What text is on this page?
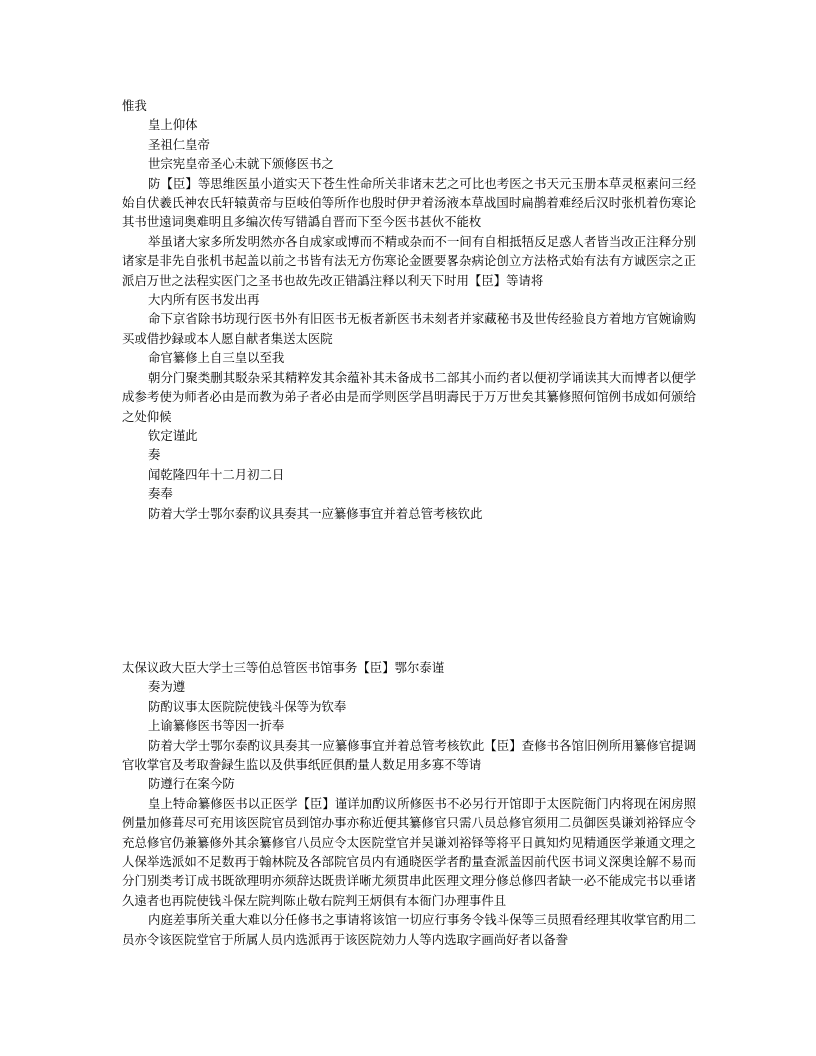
惟我

皇上仰体

圣祖仁皇帝

世宗宪皇帝圣心未就下颁修医书之

防【臣】等思维医虽小道实天下苍生性命所关非诸末艺之可比也考医之书天元玉册本草灵枢素问三经始自伏羲氏神农氏轩辕黄帝与臣岐伯等所作也殷时伊尹着汤液本草战国时扁鹊着难经后汉时张机着伤寒论其书世遠词奥难明且多编次传写错譌自晋而下至今医书甚伙不能枚

举虽诸大家多所发明然亦各自成家或博而不精或杂而不一间有自相抵牾反足惑人者皆当改正注释分别诸家是非先自张机书起盖以前之书皆有法无方伤寒论金匮要畧杂病论创立方法格式始有法有方诚医宗之正派启万世之法程实医门之圣书也故先改正错譌注释以利天下时用【臣】等请将

大内所有医书发出再

命下京省除书坊现行医书外有旧医书无板者新医书未刻者并家藏秘书及世传经验良方着地方官婉谕购买或借抄録或本人愿自献者集送太医院

命官纂修上自三皇以至我

朝分门聚类删其駁杂采其精粹发其余蕴补其未备成书二部其小而约者以便初学诵读其大而博者以便学成参考使为师者必由是而教为弟子者必由是而学则医学昌明壽民于万万世矣其纂修照何馆例书成如何颁给之处仰候

钦定谨此

奏

闻乾隆四年十二月初二日

奏奉

防着大学士鄂尔泰酌议具奏其一应纂修事宜并着总管考核钦此

太保议政大臣大学士三等伯总管医书馆事务【臣】鄂尔泰谨

奏为遵

防酌议事太医院院使钱斗保等为钦奉

上谕纂修医书等因一折奉

防着大学士鄂尔泰酌议具奏其一应纂修事宜并着总管考核钦此【臣】查修书各馆旧例所用纂修官提调官收掌官及考取誊録生监以及供事纸匠俱酌量人数足用多寡不等请

防遵行在案今防

皇上特命纂修医书以正医学【臣】谨详加酌议所修医书不必另行开馆即于太医院衙门内将现在闲房照例量加修葺尽可充用该医院官员到馆办事亦称近便其纂修官只需八员总修官须用二员御医吳谦刘裕铎应令充总修官仍兼纂修外其余纂修官八员应令太医院堂官并吴谦刘裕铎等将平日眞知灼见精通医学兼通文理之人保举选派如不足数再于翰林院及各部院官员内有通晓医学者酌量查派盖因前代医书词义深奥诠解不易而分门别类考订成书既欲理明亦须辞达既贵详晰尤须贯串此医理文理分修总修四者缺一必不能成完书以垂诸久遠者也再院使钱斗保左院判陈止敬右院判王炳俱有本衙门办理事件且

内庭差事所关重大难以分任修书之事请将该馆一切应行事务令钱斗保等三员照看经理其收掌官酌用二员亦令该医院堂官于所属人员内选派再于该医院効力人等内选取字画尚好者以备誊
